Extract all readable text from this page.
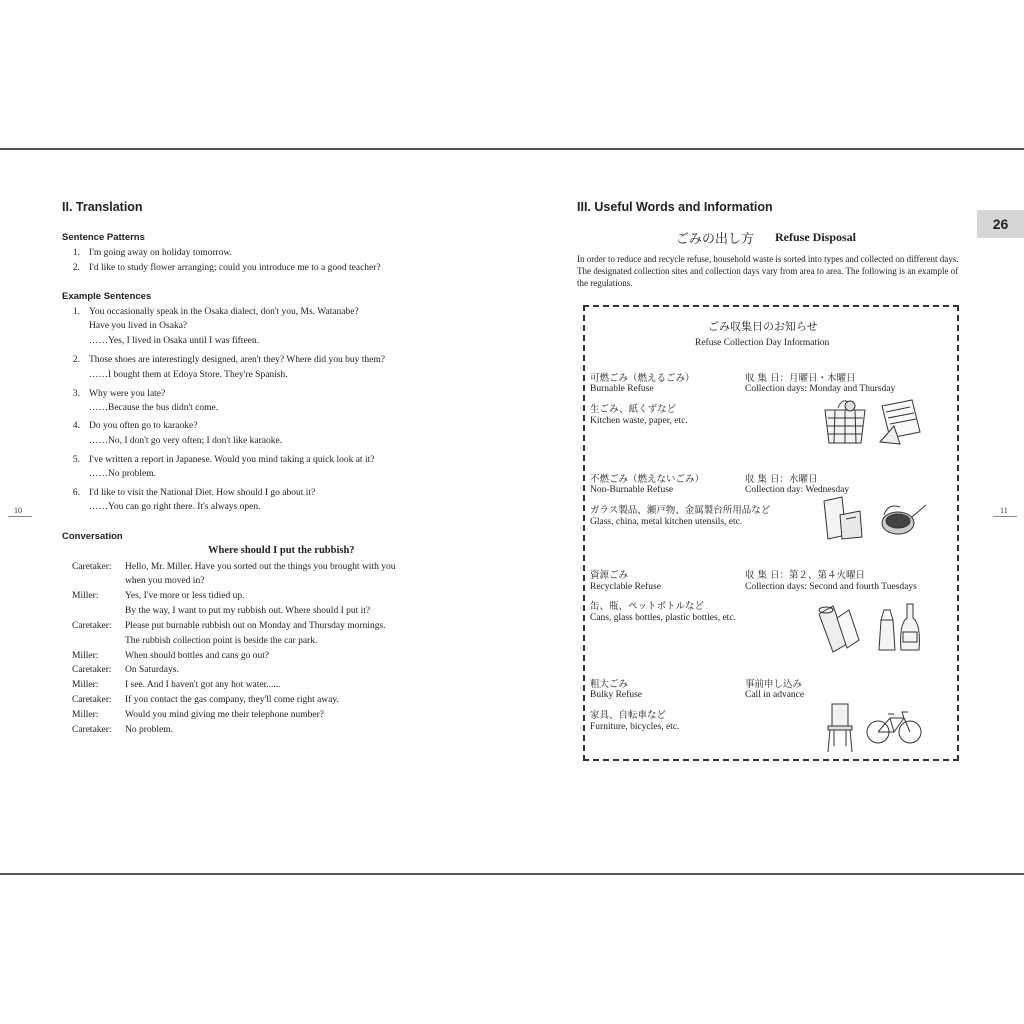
10	11
26
II. Translation
Sentence Patterns
1. I'm going away on holiday tomorrow.
2. I'd like to study flower arranging; could you introduce me to a good teacher?
Example Sentences
1. You occasionally speak in the Osaka dialect, don't you, Ms. Watanabe?
Have you lived in Osaka?
……Yes, I lived in Osaka until I was fifteen.
2. Those shoes are interestingly designed, aren't they? Where did you buy them?
……I bought them at Edoya Store. They're Spanish.
3. Why were you late?
……Because the bus didn't come.
4. Do you often go to karaoke?
……No, I don't go very often; I don't like karaoke.
5. I've written a report in Japanese. Would you mind taking a quick look at it?
……No problem.
6. I'd like to visit the National Diet. How should I go about it?
……You can go right there. It's always open.
Conversation
Where should I put the rubbish?
Caretaker: Hello, Mr. Miller. Have you sorted out the things you brought with you
when you moved in?
Miller:	Yes, I've more or less tidied up.
By the way, I want to put my rubbish out. Where should I put it?
Caretaker: Please put burnable rubbish out on Monday and Thursday mornings.
The rubbish collection point is beside the car park.
Miller:	When should bottles and cans go out?
Caretaker: On Saturdays.
Miller:	I see. And I haven't got any hot water......
Caretaker: If you contact the gas company, they'll come right away.
Miller:	Would you mind giving me their telephone number?
Caretaker: No problem.
III. Useful Words and Information
ごみの出し方 Refuse Disposal
In order to reduce and recycle refuse, household waste is sorted into types and collected on different days. The designated collection sites and collection days vary from area to area. The following is an example of the regulations.
ごみ収集日のお知らせ
Refuse Collection Day Information
可燃ごみ（燃えるごみ）
Burnable Refuse
生ごみ、紙くずなど
Kitchen waste, paper, etc.
収 集 日：月曜日・木曜日
Collection days: Monday and Thursday
不燃ごみ（燃えないごみ）
Non-Burnable Refuse
ガラス製品、瀬戸物、金属製台所用品など
Glass, china, metal kitchen utensils, etc.
収 集 日：水曜日
Collection day: Wednesday
資源ごみ
Recyclable Refuse
缶、瓶、ペットボトルなど
Cans, glass bottles, plastic bottles, etc.
収 集 日：第２、第４火曜日
Collection days: Second and fourth Tuesdays
粗大ごみ
Bulky Refuse
家具、自転車など
Furniture, bicycles, etc.
事前申し込み
Call in advance
